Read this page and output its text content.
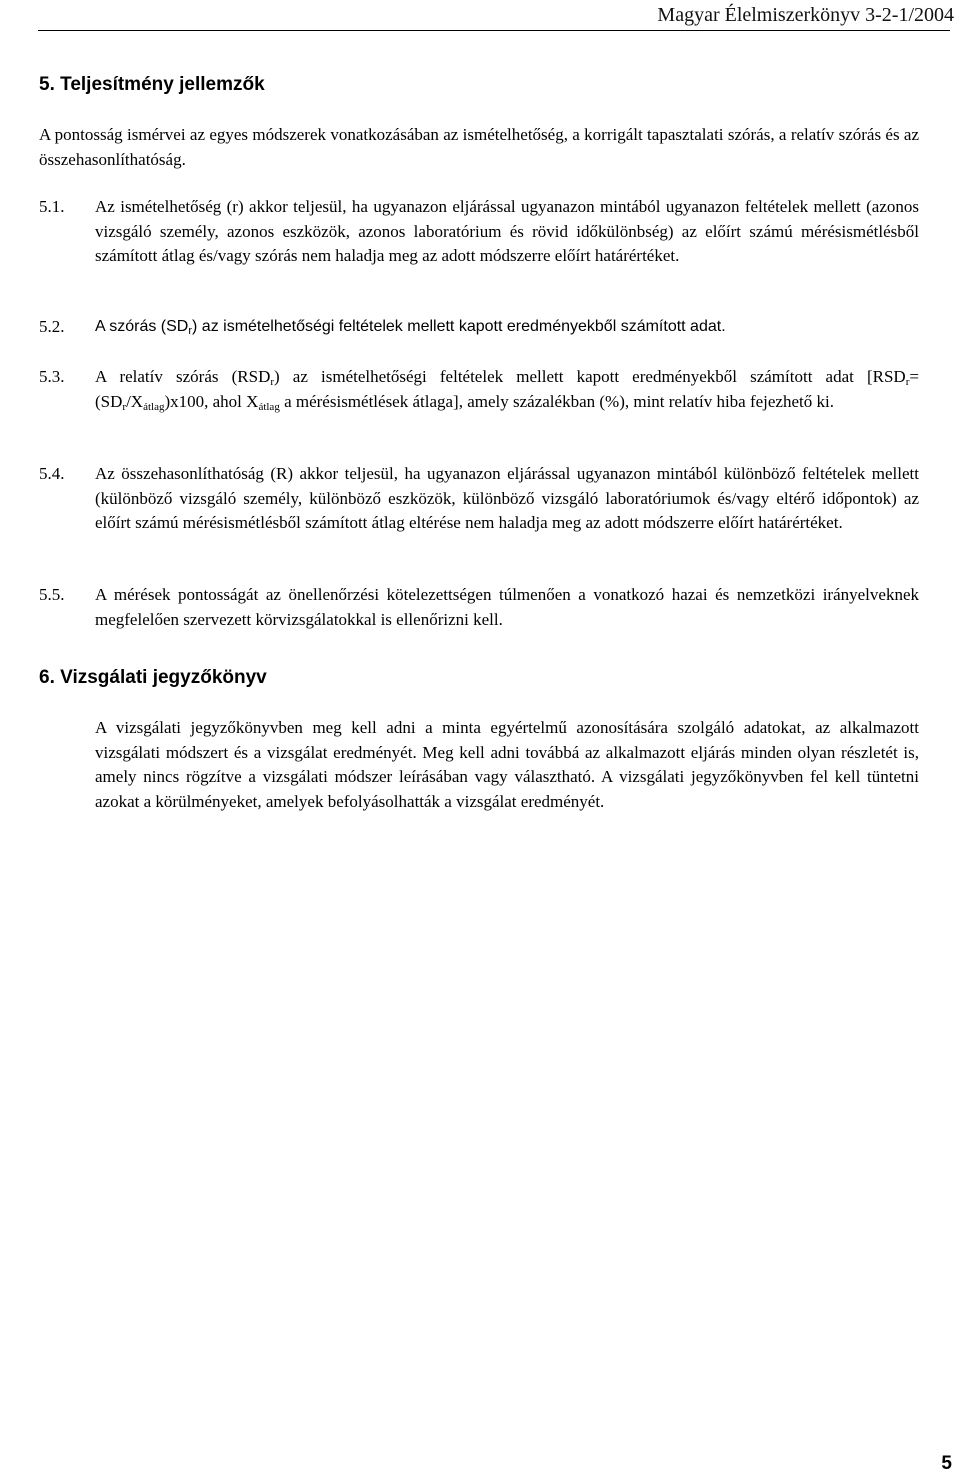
Magyar Élelmiszerkönyv 3-2-1/2004
5. Teljesítmény jellemzők
A pontosság ismérvei az egyes módszerek vonatkozásában az ismételhetőség, a korrigált tapasztalati szórás, a relatív szórás és az összehasonlíthatóság.
5.1.	Az ismételhetőség (r) akkor teljesül, ha ugyanazon eljárással ugyanazon mintából ugyanazon feltételek mellett (azonos vizsgáló személy, azonos eszközök, azonos laboratórium és rövid időkülönbség) az előírt számú mérésismétlésből számított átlag és/vagy szórás nem haladja meg az adott módszerre előírt határértéket.
5.2.	A szórás $(SD_r)$ az ismételhetőségi feltételek mellett kapott eredményekből számított adat.
5.3.	A relatív szórás $(RSD_r)$ az ismételhetőségi feltételek mellett kapott eredményekből számított adat [$RSD_r= (SD_r/X_{átlag})x100$, ahol $X_{átlag}$ a mérésismétlések átlaga], amely százalékban (%), mint relatív hiba fejezhető ki.
5.4.	Az összehasonlíthatóság (R) akkor teljesül, ha ugyanazon eljárással ugyanazon mintából különböző feltételek mellett (különböző vizsgáló személy, különböző eszközök, különböző vizsgáló laboratóriumok és/vagy eltérő időpontok) az előírt számú mérésismétlésből számított átlag eltérése nem haladja meg az adott módszerre előírt határértéket.
5.5.	A mérések pontosságát az önellenőrzési kötelezettségen túlmenően a vonatkozó hazai és nemzetközi irányelveknek megfelelően szervezett körvizsgálatokkal is ellenőrizni kell.
6. Vizsgálati jegyzőkönyv
A vizsgálati jegyzőkönyvben meg kell adni a minta egyértelmű azonosítására szolgáló adatokat, az alkalmazott vizsgálati módszert és a vizsgálat eredményét. Meg kell adni továbbá az alkalmazott eljárás minden olyan részletét is, amely nincs rögzítve a vizsgálati módszer leírásában vagy választható. A vizsgálati jegyzőkönyvben fel kell tüntetni azokat a körülményeket, amelyek befolyásolhatták a vizsgálat eredményét.
5
